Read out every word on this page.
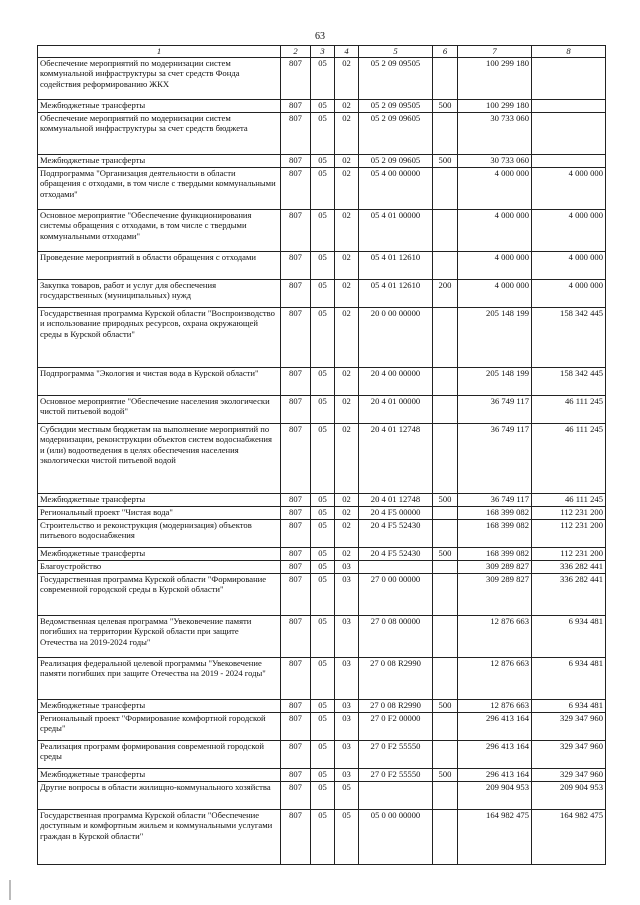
63
1	2	3	4	5	6	7	8
Обеспечение мероприятий по модернизации систем коммунальной инфраструктуры за счет средств Фонда содействия реформированию ЖКХ	807	05	02	05 2 09 09505		100 299 180	
Межбюджетные трансферты	807	05	02	05 2 09 09505	500	100 299 180	
Обеспечение мероприятий по модернизации систем коммунальной инфраструктуры за счет средств бюджета	807	05	02	05 2 09 09605		30 733 060	
Межбюджетные трансферты	807	05	02	05 2 09 09605	500	30 733 060	
Подпрограмма "Организация деятельности в области обращения с отходами, в том числе с твердыми коммунальными отходами"	807	05	02	05 4 00 00000		4 000 000	4 000 000
Основное мероприятие "Обеспечение функционирования системы обращения с отходами, в том числе с твердыми коммунальными отходами"	807	05	02	05 4 01 00000		4 000 000	4 000 000
Проведение мероприятий в области обращения с отходами	807	05	02	05 4 01 12610		4 000 000	4 000 000
Закупка товаров, работ и услуг для обеспечения государственных (муниципальных) нужд	807	05	02	05 4 01 12610	200	4 000 000	4 000 000
Государственная программа Курской области "Воспроизводство и использование природных ресурсов, охрана окружающей среды в Курской области"	807	05	02	20 0 00 00000		205 148 199	158 342 445
Подпрограмма "Экология и чистая вода в Курской области"	807	05	02	20 4 00 00000		205 148 199	158 342 445
Основное мероприятие "Обеспечение населения экологически чистой питьевой водой"	807	05	02	20 4 01 00000		36 749 117	46 111 245
Субсидии местным бюджетам на выполнение мероприятий по модернизации, реконструкции объектов систем водоснабжения и (или) водоотведения в целях обеспечения населения экологически чистой питьевой водой	807	05	02	20 4 01 12748		36 749 117	46 111 245
Межбюджетные трансферты	807	05	02	20 4 01 12748	500	36 749 117	46 111 245
Региональный проект "Чистая вода"	807	05	02	20 4 F5 00000		168 399 082	112 231 200
Строительство и реконструкция (модернизация) объектов питьевого водоснабжения	807	05	02	20 4 F5 52430		168 399 082	112 231 200
Межбюджетные трансферты	807	05	02	20 4 F5 52430	500	168 399 082	112 231 200
Благоустройство	807	05	03			309 289 827	336 282 441
Государственная программа Курской области "Формирование современной городской среды в Курской области"	807	05	03	27 0 00 00000		309 289 827	336 282 441
Ведомственная целевая программа "Увековечение памяти погибших на территории Курской области при защите Отечества на 2019-2024 годы"	807	05	03	27 0 08 00000		12 876 663	6 934 481
Реализация федеральной целевой программы "Увековечение памяти погибших при защите Отечества на 2019 - 2024 годы"	807	05	03	27 0 08 R2990		12 876 663	6 934 481
Межбюджетные трансферты	807	05	03	27 0 08 R2990	500	12 876 663	6 934 481
Региональный проект "Формирование комфортной городской среды"	807	05	03	27 0 F2 00000		296 413 164	329 347 960
Реализация программ формирования современной городской среды	807	05	03	27 0 F2 55550		296 413 164	329 347 960
Межбюджетные трансферты	807	05	03	27 0 F2 55550	500	296 413 164	329 347 960
Другие вопросы в области жилищно-коммунального хозяйства	807	05	05			209 904 953	209 904 953
Государственная программа Курской области "Обеспечение доступным и комфортным жильем и коммунальными услугами граждан в Курской области"	807	05	05	05 0 00 00000		164 982 475	164 982 475
